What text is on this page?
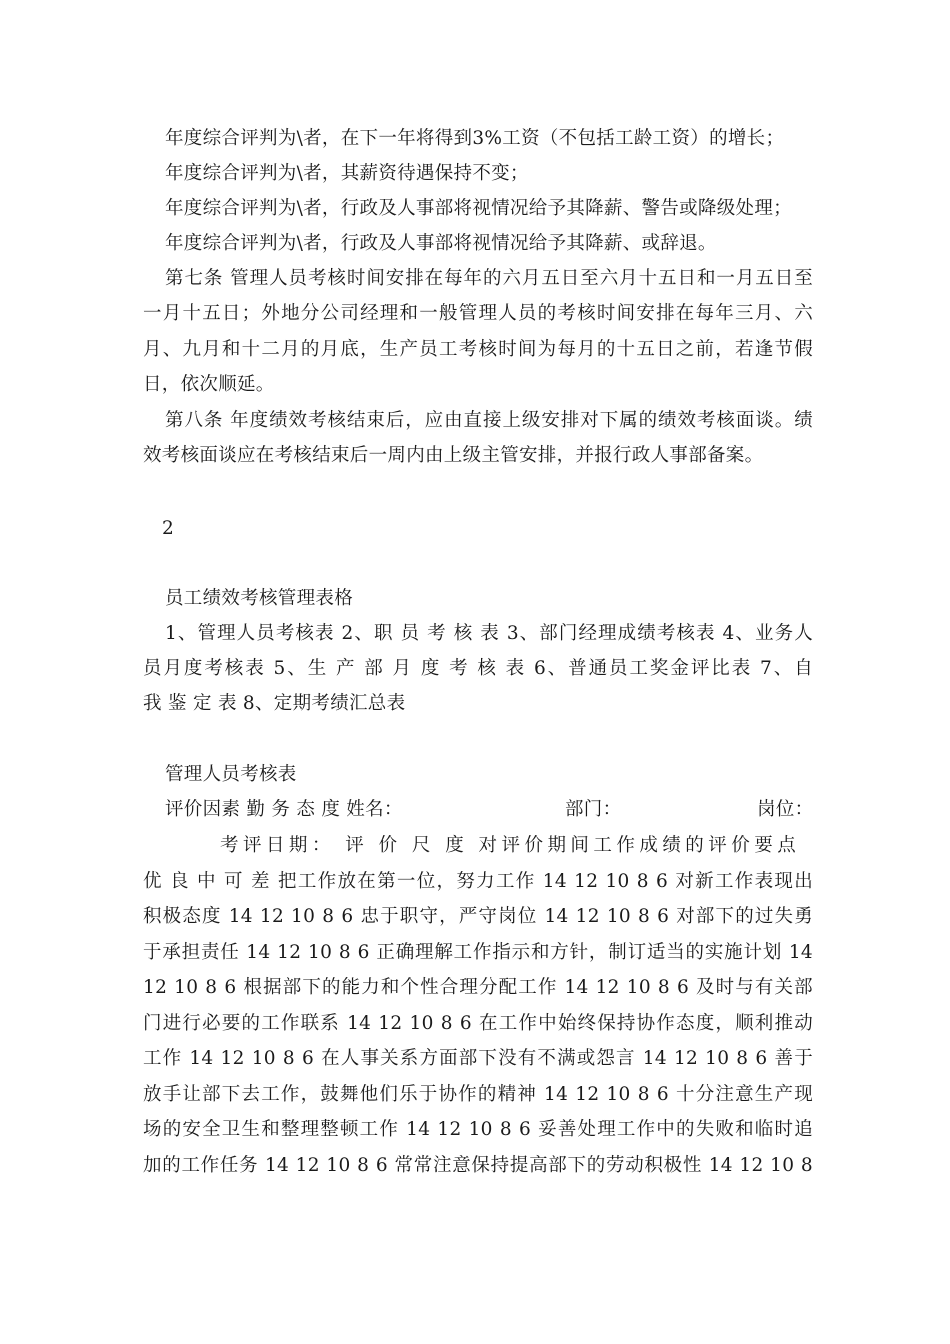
年度综合评判为\者，在下一年将得到3%工资（不包括工龄工资）的增长；
年度综合评判为\者，其薪资待遇保持不变；
年度综合评判为\者，行政及人事部将视情况给予其降薪、警告或降级处理；
年度综合评判为\者，行政及人事部将视情况给予其降薪、或辞退。
第七条 管理人员考核时间安排在每年的六月五日至六月十五日和一月五日至
一月十五日；外地分公司经理和一般管理人员的考核时间安排在每年三月、六
月、九月和十二月的月底，生产员工考核时间为每月的十五日之前，若逢节假
日，依次顺延。
第八条 年度绩效考核结束后，应由直接上级安排对下属的绩效考核面谈。绩
效考核面谈应在考核结束后一周内由上级主管安排，并报行政人事部备案。
2
员工绩效考核管理表格
1、管理人员考核表 2、职 员 考 核 表 3、部门经理成绩考核表 4、业务人
员月度考核表 5、生 产 部 月 度 考 核 表 6、普通员工奖金评比表 7、自
我 鉴 定 表 8、定期考绩汇总表
管理人员考核表
评价因素 勤 务 态 度 姓名：	部门：	岗位：
考评日期： 评 价 尺 度 对评价期间工作成绩的评价要点
优 良 中 可 差 把工作放在第一位，努力工作 14 12 10 8 6 对新工作表现出
积极态度 14 12 10 8 6 忠于职守，严守岗位 14 12 10 8 6 对部下的过失勇
于承担责任 14 12 10 8 6 正确理解工作指示和方针，制订适当的实施计划 14
12 10 8 6 根据部下的能力和个性合理分配工作 14 12 10 8 6 及时与有关部
门进行必要的工作联系 14 12 10 8 6 在工作中始终保持协作态度，顺利推动
工作 14 12 10 8 6 在人事关系方面部下没有不满或怨言 14 12 10 8 6 善于
放手让部下去工作，鼓舞他们乐于协作的精神 14 12 10 8 6 十分注意生产现
场的安全卫生和整理整顿工作 14 12 10 8 6 妥善处理工作中的失败和临时追
加的工作任务 14 12 10 8 6 常常注意保持提高部下的劳动积极性 14 12 10 8
